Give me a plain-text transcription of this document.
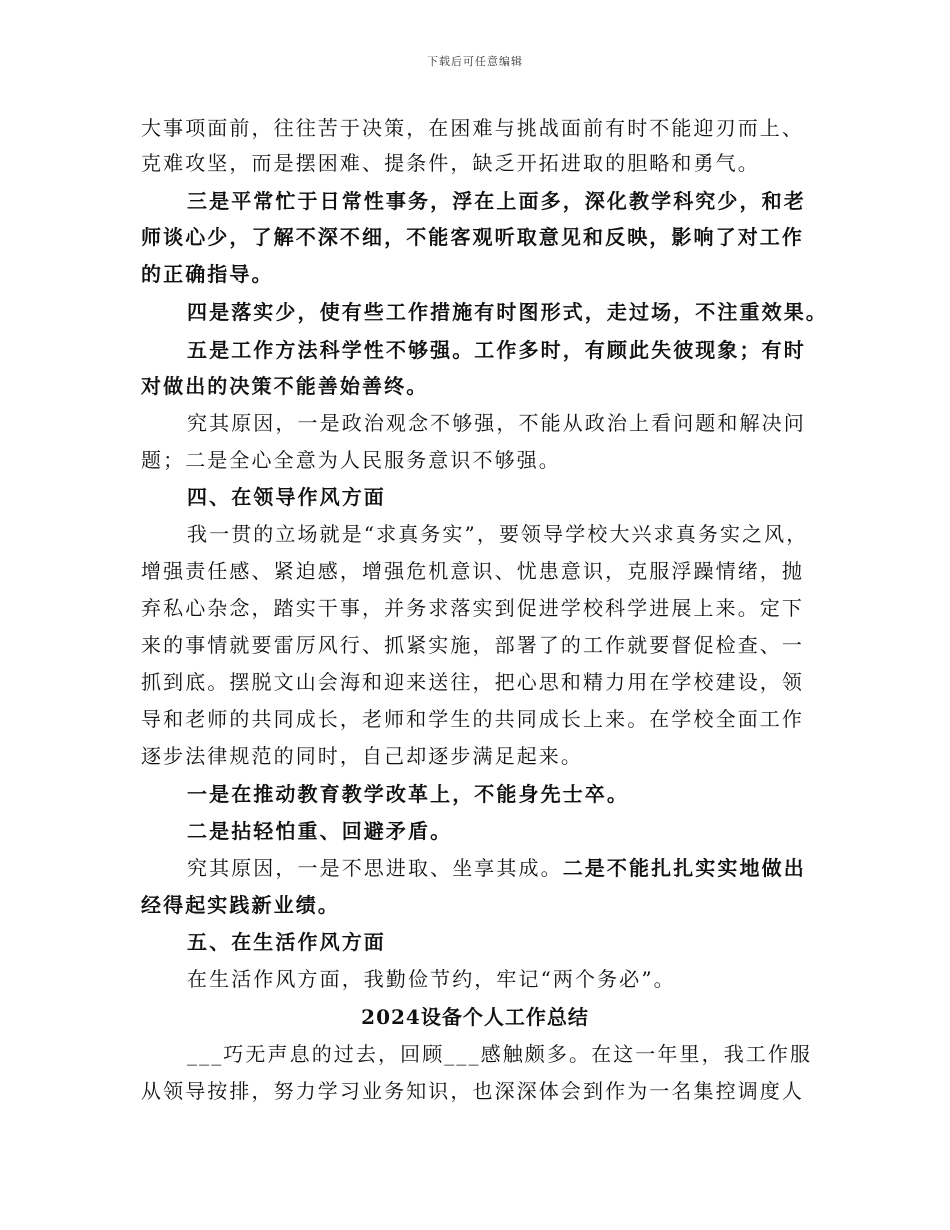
下载后可任意编辑
大事项面前，往往苦于决策，在困难与挑战面前有时不能迎刃而上、
克难攻坚，而是摆困难、提条件，缺乏开拓进取的胆略和勇气。
三是平常忙于日常性事务，浮在上面多，深化教学科究少，和老
师谈心少，了解不深不细，不能客观听取意见和反映，影响了对工作
的正确指导。
四是落实少，使有些工作措施有时图形式，走过场，不注重效果。
五是工作方法科学性不够强。工作多时，有顾此失彼现象；有时
对做出的决策不能善始善终。
究其原因，一是政治观念不够强，不能从政治上看问题和解决问
题；二是全心全意为人民服务意识不够强。
四、在领导作风方面
我一贯的立场就是“求真务实”，要领导学校大兴求真务实之风，
增强责任感、紧迫感，增强危机意识、忧患意识，克服浮躁情绪，抛
弃私心杂念，踏实干事，并务求落实到促进学校科学进展上来。定下
来的事情就要雷厉风行、抓紧实施，部署了的工作就要督促检查、一
抓到底。摆脱文山会海和迎来送往，把心思和精力用在学校建设，领
导和老师的共同成长，老师和学生的共同成长上来。在学校全面工作
逐步法律规范的同时，自己却逐步满足起来。
一是在推动教育教学改革上，不能身先士卒。
二是拈轻怕重、回避矛盾。
究其原因，一是不思进取、坐享其成。二是不能扎扎实实地做出
经得起实践新业绩。
五、在生活作风方面
在生活作风方面，我勤俭节约，牢记“两个务必”。
2024设备个人工作总结
___巧无声息的过去，回顾___感触颇多。在这一年里，我工作服
从领导按排，努力学习业务知识，也深深体会到作为一名集控调度人
